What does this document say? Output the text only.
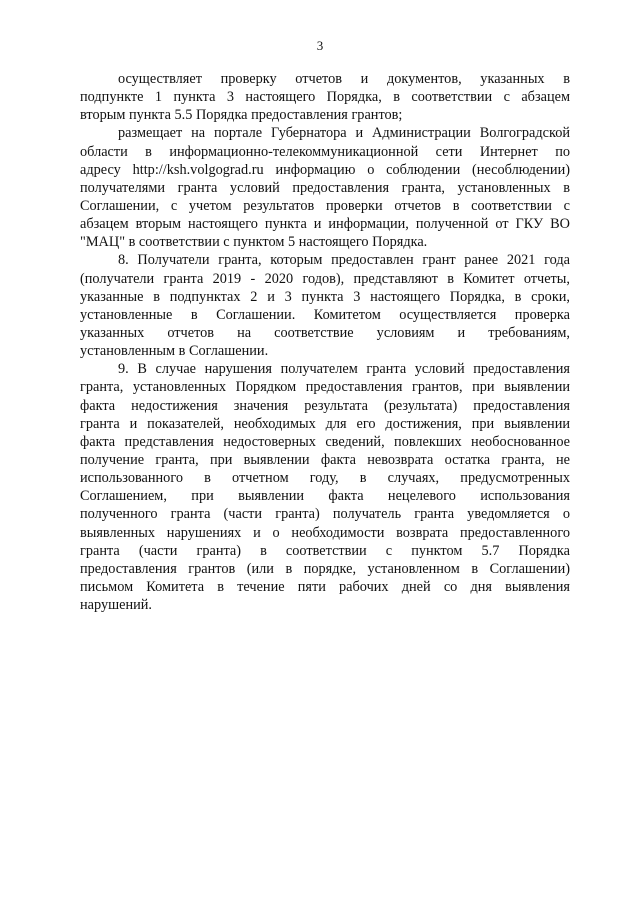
3
осуществляет проверку отчетов и документов, указанных в
подпункте 1 пункта 3 настоящего Порядка, в соответствии с абзацем
вторым пункта 5.5 Порядка предоставления грантов;
размещает на портале Губернатора и Администрации Волгоградской
области в информационно-телекоммуникационной сети Интернет по
адресу http://ksh.volgograd.ru информацию о соблюдении (несоблюдении)
получателями гранта условий предоставления гранта, установленных в
Соглашении, с учетом результатов проверки отчетов в соответствии с
абзацем вторым настоящего пункта и информации, полученной от ГКУ ВО
"МАЦ" в соответствии с пунктом 5 настоящего Порядка.
8. Получатели гранта, которым предоставлен грант ранее 2021 года
(получатели гранта 2019 - 2020 годов), представляют в Комитет отчеты,
указанные в подпунктах 2 и 3 пункта 3 настоящего Порядка, в сроки,
установленные в Соглашении. Комитетом осуществляется проверка
указанных отчетов на соответствие условиям и требованиям,
установленным в Соглашении.
9. В случае нарушения получателем гранта условий предоставления
гранта, установленных Порядком предоставления грантов, при выявлении
факта недостижения значения результата (результата) предоставления
гранта и показателей, необходимых для его достижения, при выявлении
факта представления недостоверных сведений, повлекших необоснованное
получение гранта, при выявлении факта невозврата остатка гранта, не
использованного в отчетном году, в случаях, предусмотренных
Соглашением, при выявлении факта нецелевого использования
полученного гранта (части гранта) получатель гранта уведомляется о
выявленных нарушениях и о необходимости возврата предоставленного
гранта (части гранта) в соответствии с пунктом 5.7 Порядка
предоставления грантов (или в порядке, установленном в Соглашении)
письмом Комитета в течение пяти рабочих дней со дня выявления
нарушений.
